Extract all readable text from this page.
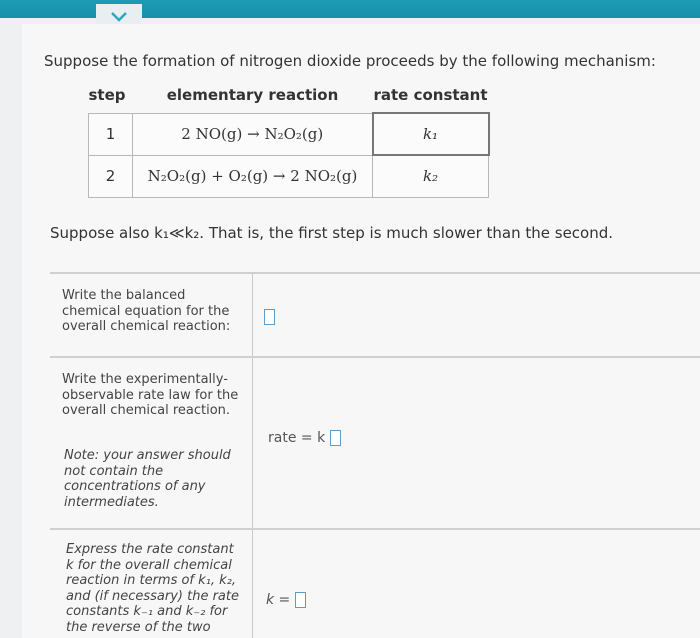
Suppose the formation of nitrogen dioxide proceeds by the following mechanism:
step	elementary reaction	rate constant
1	2 NO(g) → N₂O₂(g)	k₁
2	N₂O₂(g) + O₂(g) → 2 NO₂(g)	k₂
Suppose also k₁≪k₂. That is, the first step is much slower than the second.
Write the balanced chemical equation for the overall chemical reaction:
Write the experimentally-observable rate law for the overall chemical reaction.
Note: your answer should not contain the concentrations of any intermediates.
rate = k
Express the rate constant k for the overall chemical reaction in terms of k₁, k₂, and (if necessary) the rate constants k₋₁ and k₋₂ for the reverse of the two
k =
